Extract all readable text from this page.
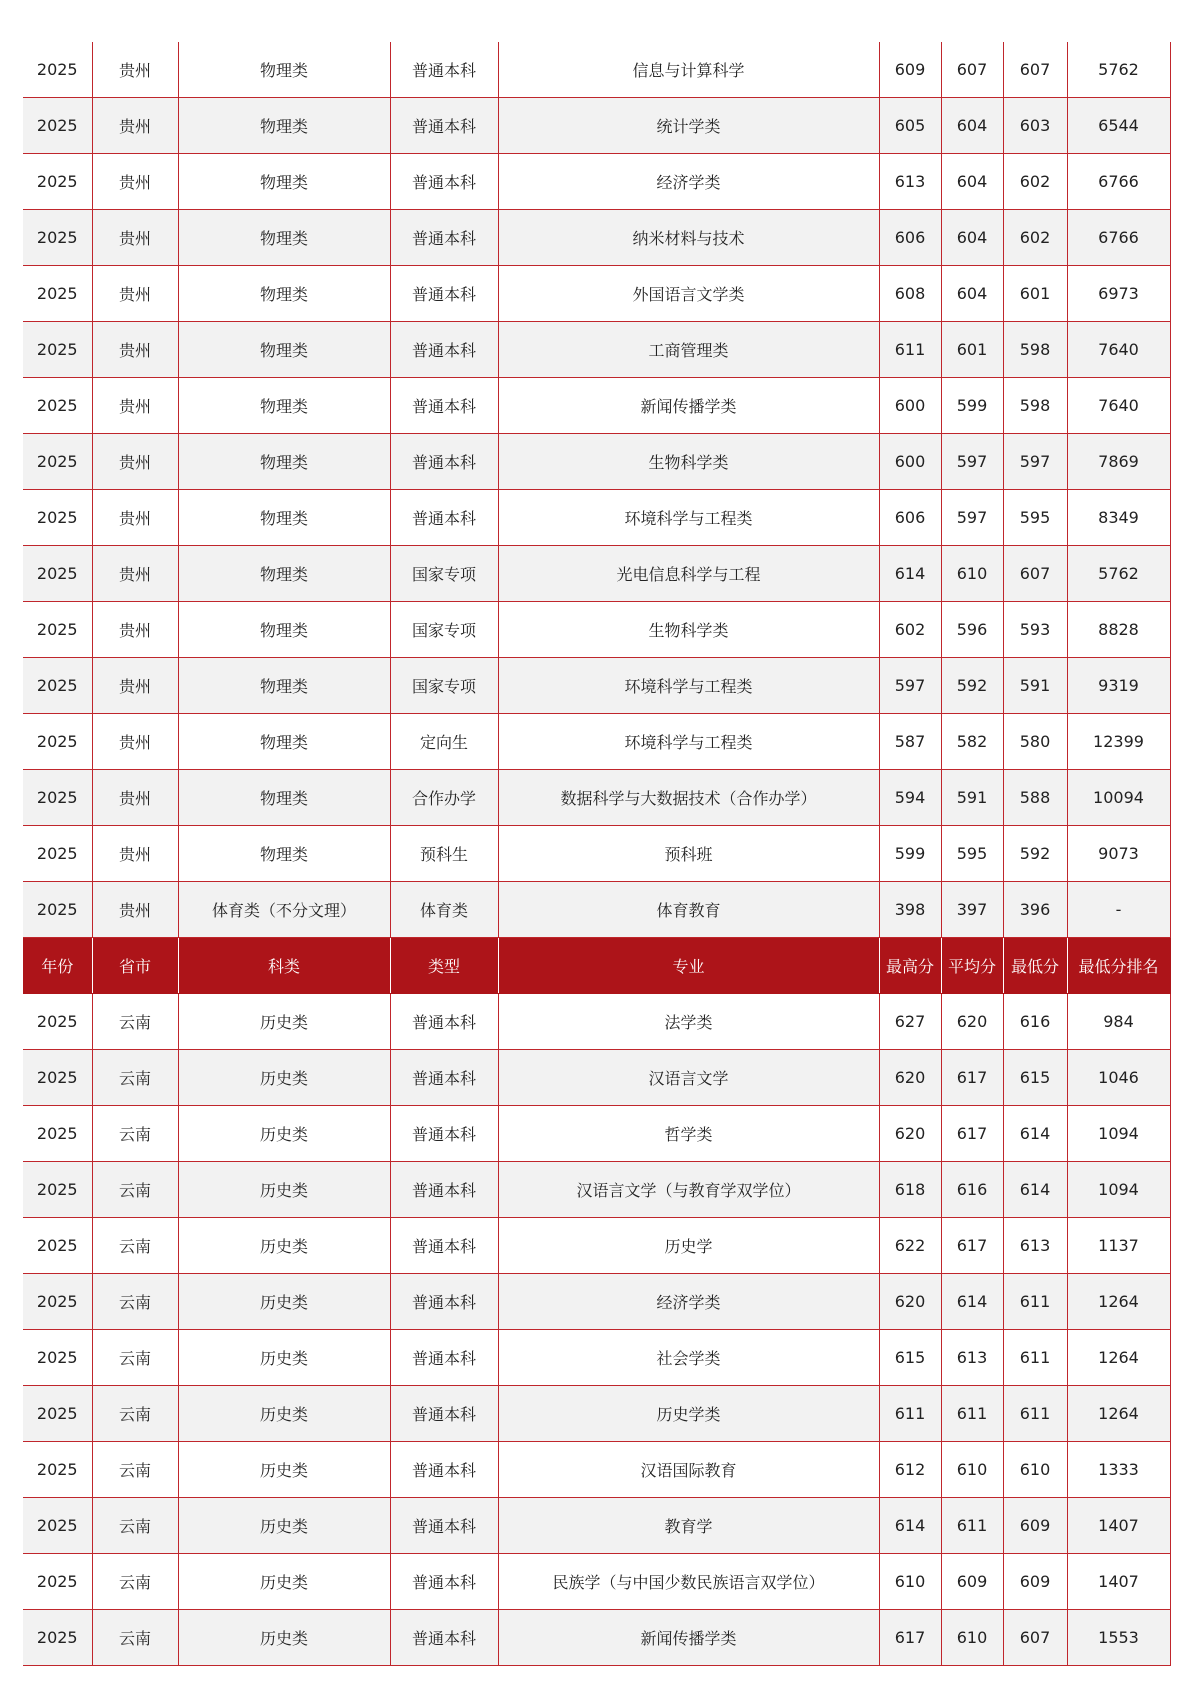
2025	贵州	物理类	普通本科	信息与计算科学	609	607	607	5762
2025	贵州	物理类	普通本科	统计学类	605	604	603	6544
2025	贵州	物理类	普通本科	经济学类	613	604	602	6766
2025	贵州	物理类	普通本科	纳米材料与技术	606	604	602	6766
2025	贵州	物理类	普通本科	外国语言文学类	608	604	601	6973
2025	贵州	物理类	普通本科	工商管理类	611	601	598	7640
2025	贵州	物理类	普通本科	新闻传播学类	600	599	598	7640
2025	贵州	物理类	普通本科	生物科学类	600	597	597	7869
2025	贵州	物理类	普通本科	环境科学与工程类	606	597	595	8349
2025	贵州	物理类	国家专项	光电信息科学与工程	614	610	607	5762
2025	贵州	物理类	国家专项	生物科学类	602	596	593	8828
2025	贵州	物理类	国家专项	环境科学与工程类	597	592	591	9319
2025	贵州	物理类	定向生	环境科学与工程类	587	582	580	12399
2025	贵州	物理类	合作办学	数据科学与大数据技术（合作办学）	594	591	588	10094
2025	贵州	物理类	预科生	预科班	599	595	592	9073
2025	贵州	体育类（不分文理）	体育类	体育教育	398	397	396	-
年份	省市	科类	类型	专业	最高分	平均分	最低分	最低分排名
2025	云南	历史类	普通本科	法学类	627	620	616	984
2025	云南	历史类	普通本科	汉语言文学	620	617	615	1046
2025	云南	历史类	普通本科	哲学类	620	617	614	1094
2025	云南	历史类	普通本科	汉语言文学（与教育学双学位）	618	616	614	1094
2025	云南	历史类	普通本科	历史学	622	617	613	1137
2025	云南	历史类	普通本科	经济学类	620	614	611	1264
2025	云南	历史类	普通本科	社会学类	615	613	611	1264
2025	云南	历史类	普通本科	历史学类	611	611	611	1264
2025	云南	历史类	普通本科	汉语国际教育	612	610	610	1333
2025	云南	历史类	普通本科	教育学	614	611	609	1407
2025	云南	历史类	普通本科	民族学（与中国少数民族语言双学位）	610	609	609	1407
2025	云南	历史类	普通本科	新闻传播学类	617	610	607	1553
